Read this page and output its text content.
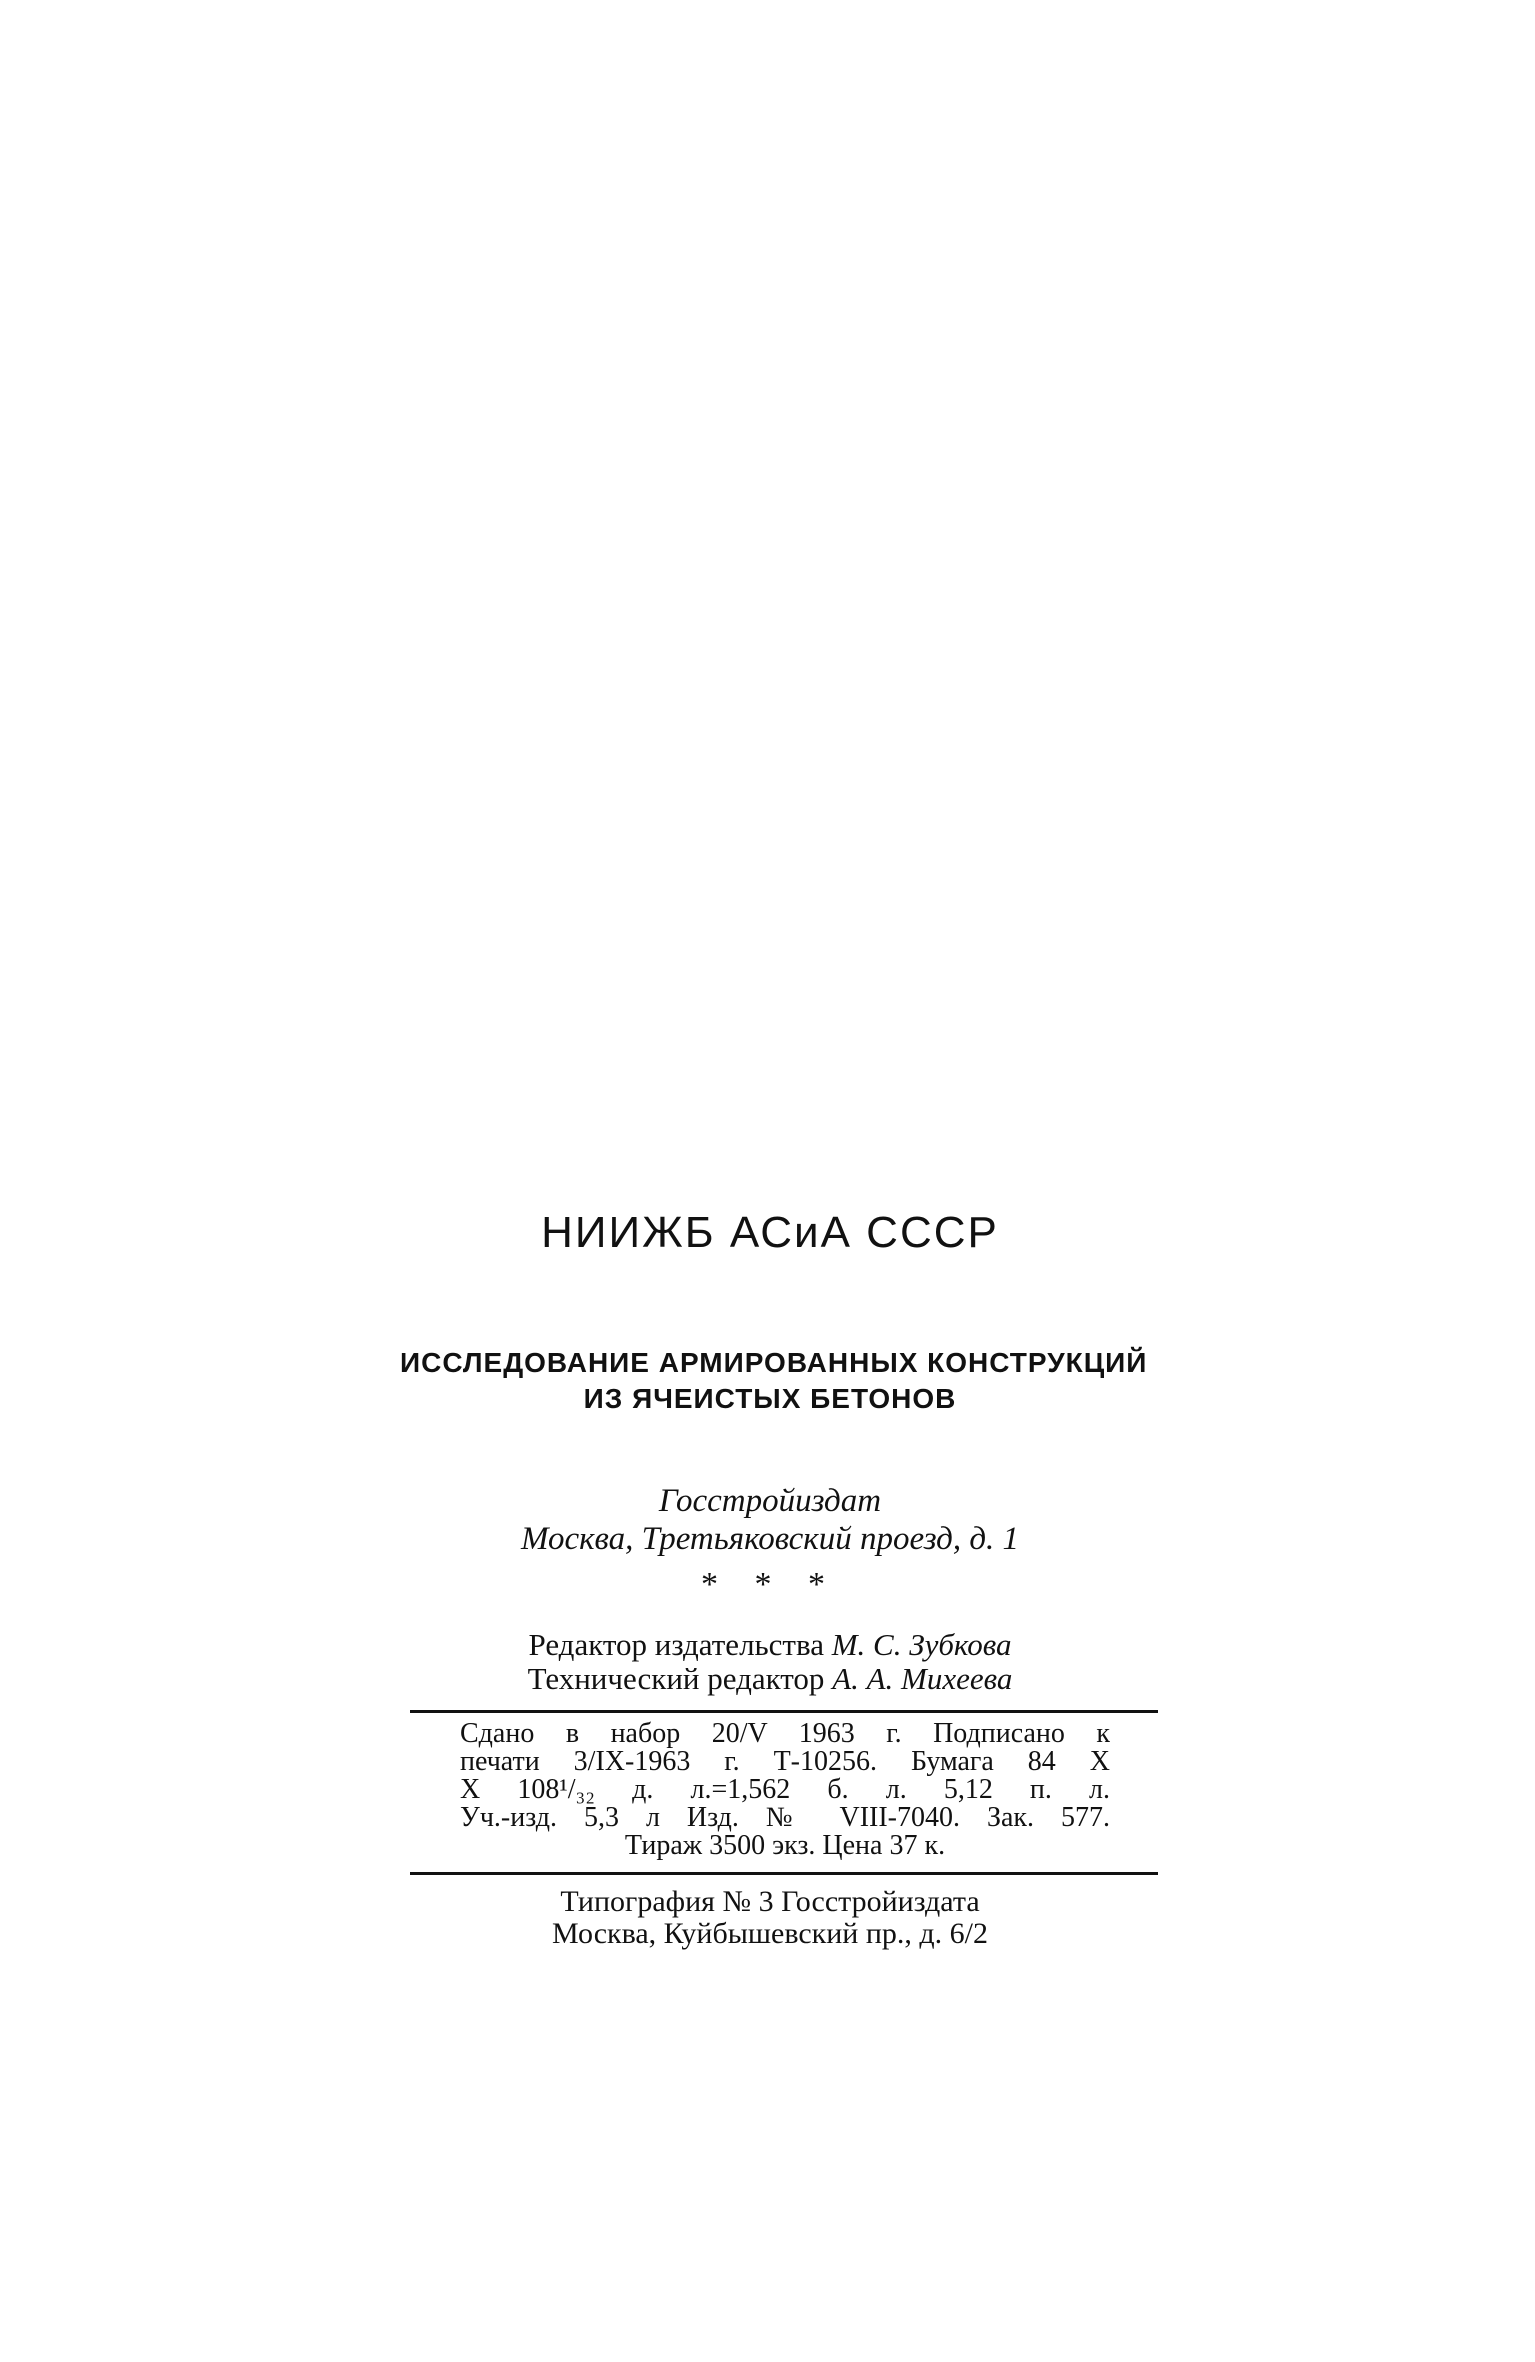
НИИЖБ АСиА СССР
ИССЛЕДОВАНИЕ АРМИРОВАННЫХ КОНСТРУКЦИЙ
ИЗ ЯЧЕИСТЫХ БЕТОНОВ
Госстройиздат
Москва, Третьяковский проезд, д. 1
* * *
Редактор издательства М. С. Зубкова
Технический редактор А. А. Михеева
Сдано в набор 20/V 1963 г. Подписано к
печати 3/IX-1963 г. Т-10256. Бумага 84 X
X 108¹/₃₂ д. л.=1,562 б. л. 5,12 п. л.
Уч.-изд. 5,3 л Изд. № VIII-7040. Зак. 577.
Тираж 3500 экз. Цена 37 к.
Типография № 3 Госстройиздата
Москва, Куйбышевский пр., д. 6/2
